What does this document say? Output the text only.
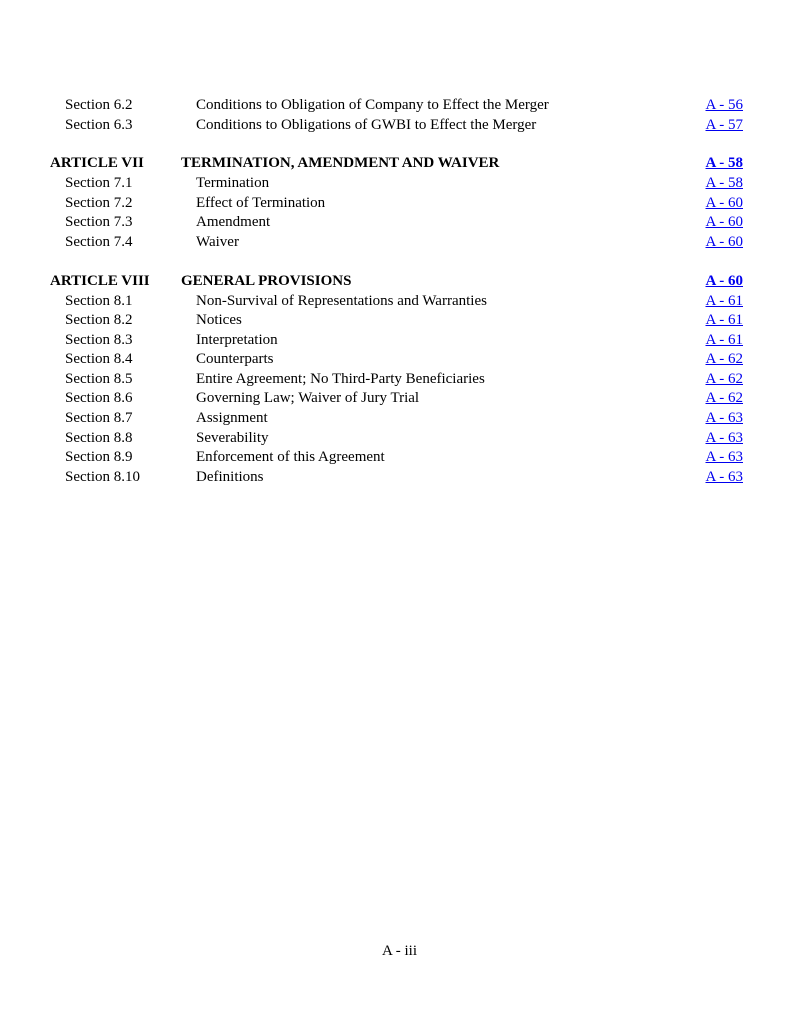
Section 6.2	Conditions to Obligation of Company to Effect the Merger	A - 56
Section 6.3	Conditions to Obligations of GWBI to Effect the Merger	A - 57
ARTICLE VII TERMINATION, AMENDMENT AND WAIVER	A - 58
Section 7.1	Termination	A - 58
Section 7.2	Effect of Termination	A - 60
Section 7.3	Amendment	A - 60
Section 7.4	Waiver	A - 60
ARTICLE VIII GENERAL PROVISIONS	A - 60
Section 8.1	Non-Survival of Representations and Warranties	A - 61
Section 8.2	Notices	A - 61
Section 8.3	Interpretation	A - 61
Section 8.4	Counterparts	A - 62
Section 8.5	Entire Agreement; No Third-Party Beneficiaries	A - 62
Section 8.6	Governing Law; Waiver of Jury Trial	A - 62
Section 8.7	Assignment	A - 63
Section 8.8	Severability	A - 63
Section 8.9	Enforcement of this Agreement	A - 63
Section 8.10	Definitions	A - 63
A - iii
